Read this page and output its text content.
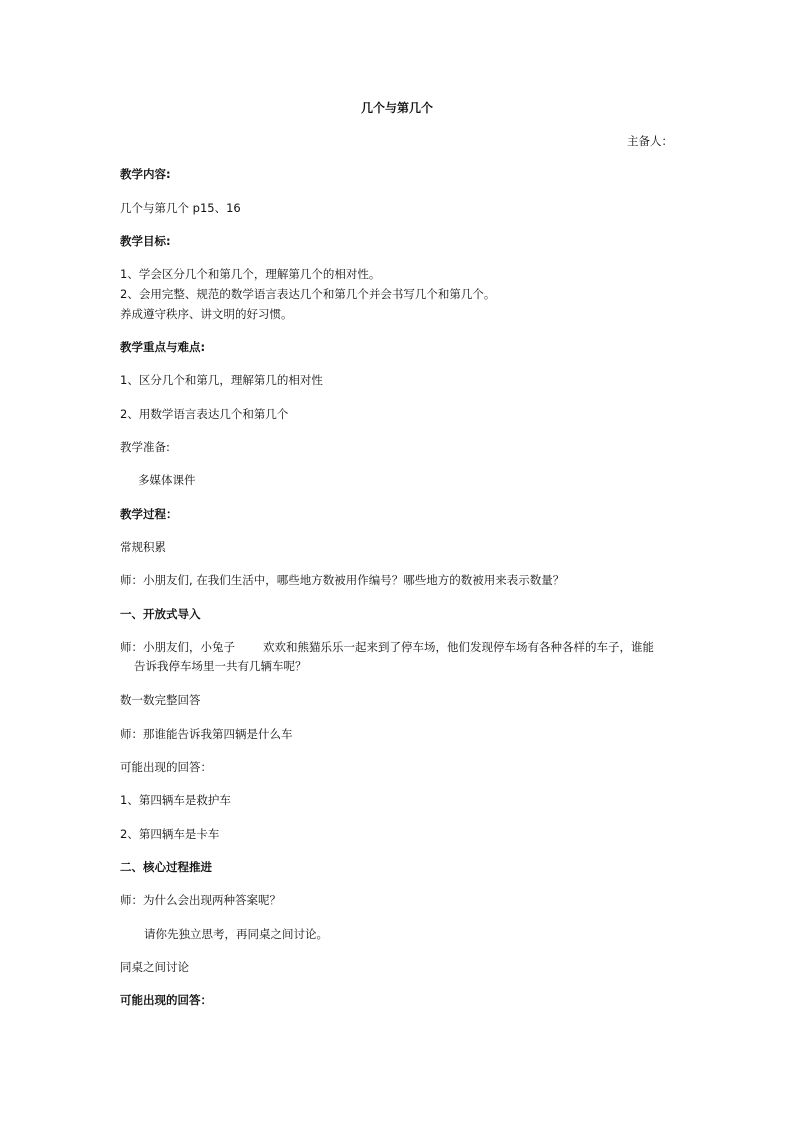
几个与第几个

主备人：

教学内容:

几个与第几个 p15、16

教学目标:

1、学会区分几个和第几个，理解第几个的相对性。

2、会用完整、规范的数学语言表达几个和第几个并会书写几个和第几个。

养成遵守秩序、讲文明的好习惯。

教学重点与难点:

1、区分几个和第几，理解第几的相对性

2、用数学语言表达几个和第几个

教学准备:

多媒体课件

教学过程：

常规积累

师：小朋友们, 在我们生活中，哪些地方数被用作编号？哪些地方的数被用来表示数量？

一、开放式导入

师：小朋友们，小兔子 欢欢和熊猫乐乐一起来到了停车场，他们发现停车场有各种各样的车子，谁能
告诉我停车场里一共有几辆车呢？

数一数完整回答

师：那谁能告诉我第四辆是什么车

可能出现的回答：

1、第四辆车是救护车

2、第四辆车是卡车

二、核心过程推进

师：为什么会出现两种答案呢？

请你先独立思考，再同桌之间讨论。

同桌之间讨论

可能出现的回答：
